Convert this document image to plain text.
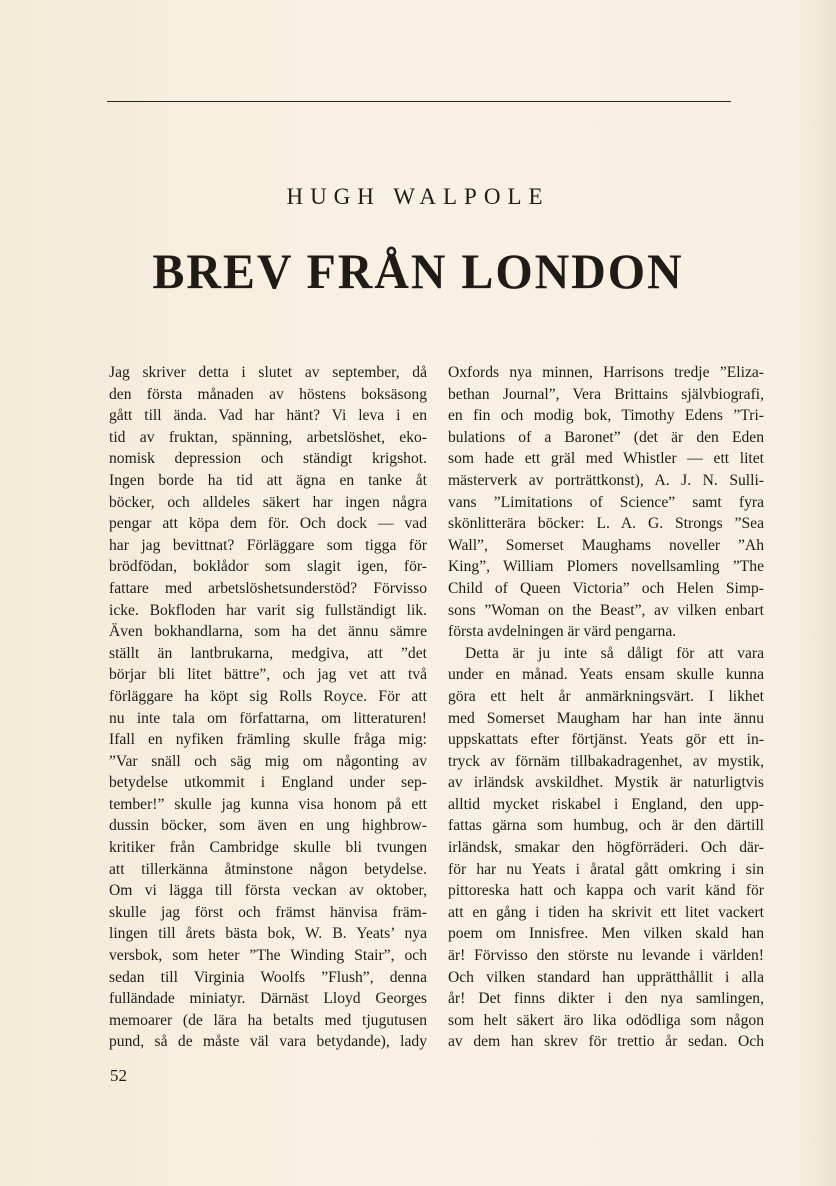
HUGH WALPOLE
BREV FRÅN LONDON
Jag skriver detta i slutet av september, då
den första månaden av höstens boksäsong
gått till ända. Vad har hänt? Vi leva i en
tid av fruktan, spänning, arbetslöshet, eko-
nomisk depression och ständigt krigshot.
Ingen borde ha tid att ägna en tanke åt
böcker, och alldeles säkert har ingen några
pengar att köpa dem för. Och dock — vad
har jag bevittnat? Förläggare som tigga för
brödfödan, boklådor som slagit igen, för-
fattare med arbetslöshetsunderstöd? Förvisso
icke. Bokfloden har varit sig fullständigt lik.
Även bokhandlarna, som ha det ännu sämre
ställt än lantbrukarna, medgiva, att ”det
börjar bli litet bättre”, och jag vet att två
förläggare ha köpt sig Rolls Royce. För att
nu inte tala om författarna, om litteraturen!
Ifall en nyfiken främling skulle fråga mig:
”Var snäll och säg mig om någonting av
betydelse utkommit i England under sep-
tember!” skulle jag kunna visa honom på ett
dussin böcker, som även en ung highbrow-
kritiker från Cambridge skulle bli tvungen
att tillerkänna åtminstone någon betydelse.
Om vi lägga till första veckan av oktober,
skulle jag först och främst hänvisa främ-
lingen till årets bästa bok, W. B. Yeats’ nya
versbok, som heter ”The Winding Stair”, och
sedan till Virginia Woolfs ”Flush”, denna
fulländade miniatyr. Därnäst Lloyd Georges
memoarer (de lära ha betalts med tjugutusen
pund, så de måste väl vara betydande), lady
Oxfords nya minnen, Harrisons tredje ”Eliza-
bethan Journal”, Vera Brittains självbiografi,
en fin och modig bok, Timothy Edens ”Tri-
bulations of a Baronet” (det är den Eden
som hade ett gräl med Whistler — ett litet
mästerverk av porträttkonst), A. J. N. Sulli-
vans ”Limitations of Science” samt fyra
skönlitterära böcker: L. A. G. Strongs ”Sea
Wall”, Somerset Maughams noveller ”Ah
King”, William Plomers novellsamling ”The
Child of Queen Victoria” och Helen Simp-
sons ”Woman on the Beast”, av vilken enbart
första avdelningen är värd pengarna.
Detta är ju inte så dåligt för att vara
under en månad. Yeats ensam skulle kunna
göra ett helt år anmärkningsvärt. I likhet
med Somerset Maugham har han inte ännu
uppskattats efter förtjänst. Yeats gör ett in-
tryck av förnäm tillbakadragenhet, av mystik,
av irländsk avskildhet. Mystik är naturligtvis
alltid mycket riskabel i England, den upp-
fattas gärna som humbug, och är den därtill
irländsk, smakar den högförräderi. Och där-
för har nu Yeats i åratal gått omkring i sin
pittoreska hatt och kappa och varit känd för
att en gång i tiden ha skrivit ett litet vackert
poem om Innisfree. Men vilken skald han
är! Förvisso den störste nu levande i världen!
Och vilken standard han upprätthållit i alla
år! Det finns dikter i den nya samlingen,
som helt säkert äro lika odödliga som någon
av dem han skrev för trettio år sedan. Och
52
